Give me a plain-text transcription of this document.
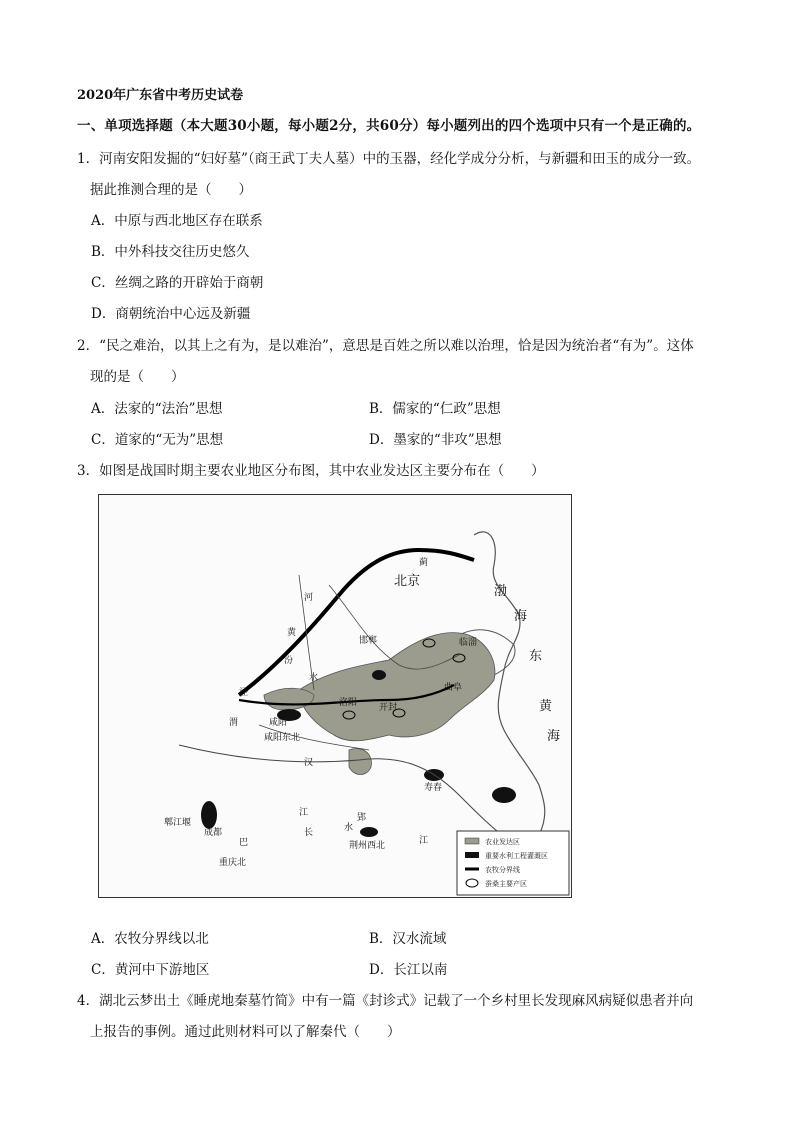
2020年广东省中考历史试卷
一、单项选择题（本大题30小题，每小题2分，共60分）每小题列出的四个选项中只有一个是正确的。
1．河南安阳发掘的“妇好墓”（商王武丁夫人墓）中的玉器，经化学成分分析，与新疆和田玉的成分一致。
据此推测合理的是（　　）
A．中原与西北地区存在联系
B．中外科技交往历史悠久
C．丝绸之路的开辟始于商朝
D．商朝统治中心远及新疆
2．“民之难治，以其上之有为，是以难治”，意思是百姓之所以难以治理，恰是因为统治者“有为”。这体
现的是（　　）
A．法家的“法治”思想	B．儒家的“仁政”思想
C．道家的“无为”思想	D．墨家的“非攻”思想
3．如图是战国时期主要农业地区分布图，其中农业发达区主要分布在（　　）
北京
蓟
渤
海
东
黄
海
邯郸
洛阳 开封
咸阳
咸阳东北
黄
河
汾
水
渭
泾
汉
江
长
江
水
郢
荆州西北
成都
郫江堰
巴
重庆北
临淄
曲阜
寿春
农业发达区
重要水利工程灌溉区
农牧分界线
蚕桑主要产区
A．农牧分界线以北	B．汉水流域
C．黄河中下游地区	D．长江以南
4．湖北云梦出土《睡虎地秦墓竹简》中有一篇《封诊式》记载了一个乡村里长发现麻风病疑似患者并向
上报告的事例。通过此则材料可以了解秦代（　　）
